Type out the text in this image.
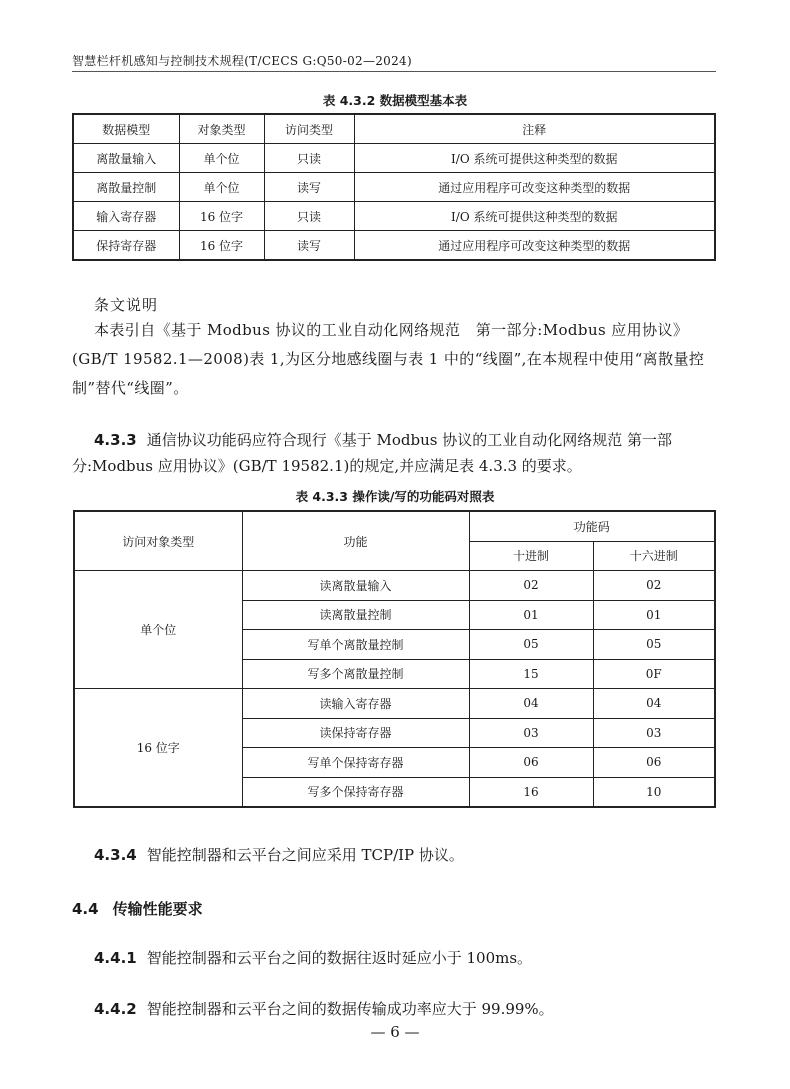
智慧栏杆机感知与控制技术规程(T/CECS G:Q50-02—2024)
表 4.3.2 数据模型基本表
数据模型	对象类型	访问类型	注释
离散量输入	单个位	只读	I/O 系统可提供这种类型的数据
离散量控制	单个位	读写	通过应用程序可改变这种类型的数据
输入寄存器	16 位字	只读	I/O 系统可提供这种类型的数据
保持寄存器	16 位字	读写	通过应用程序可改变这种类型的数据
条文说明
本表引自《基于 Modbus 协议的工业自动化网络规范　第一部分:Modbus 应用协议》(GB/T 19582.1—2008)表 1,为区分地感线圈与表 1 中的“线圈”,在本规程中使用“离散量控制”替代“线圈”。
4.3.3 通信协议功能码应符合现行《基于 Modbus 协议的工业自动化网络规范 第一部分:Modbus 应用协议》(GB/T 19582.1)的规定,并应满足表 4.3.3 的要求。
表 4.3.3 操作读/写的功能码对照表
访问对象类型	功能	功能码	
		十进制	十六进制
单个位	读离散量输入	02	02
	读离散量控制	01	01
	写单个离散量控制	05	05
	写多个离散量控制	15	0F
16 位字	读输入寄存器	04	04
	读保持寄存器	03	03
	写单个保持寄存器	06	06
	写多个保持寄存器	16	10
4.3.4 智能控制器和云平台之间应采用 TCP/IP 协议。
4.4 传输性能要求
4.4.1 智能控制器和云平台之间的数据往返时延应小于 100ms。
4.4.2 智能控制器和云平台之间的数据传输成功率应大于 99.99%。
— 6 —
